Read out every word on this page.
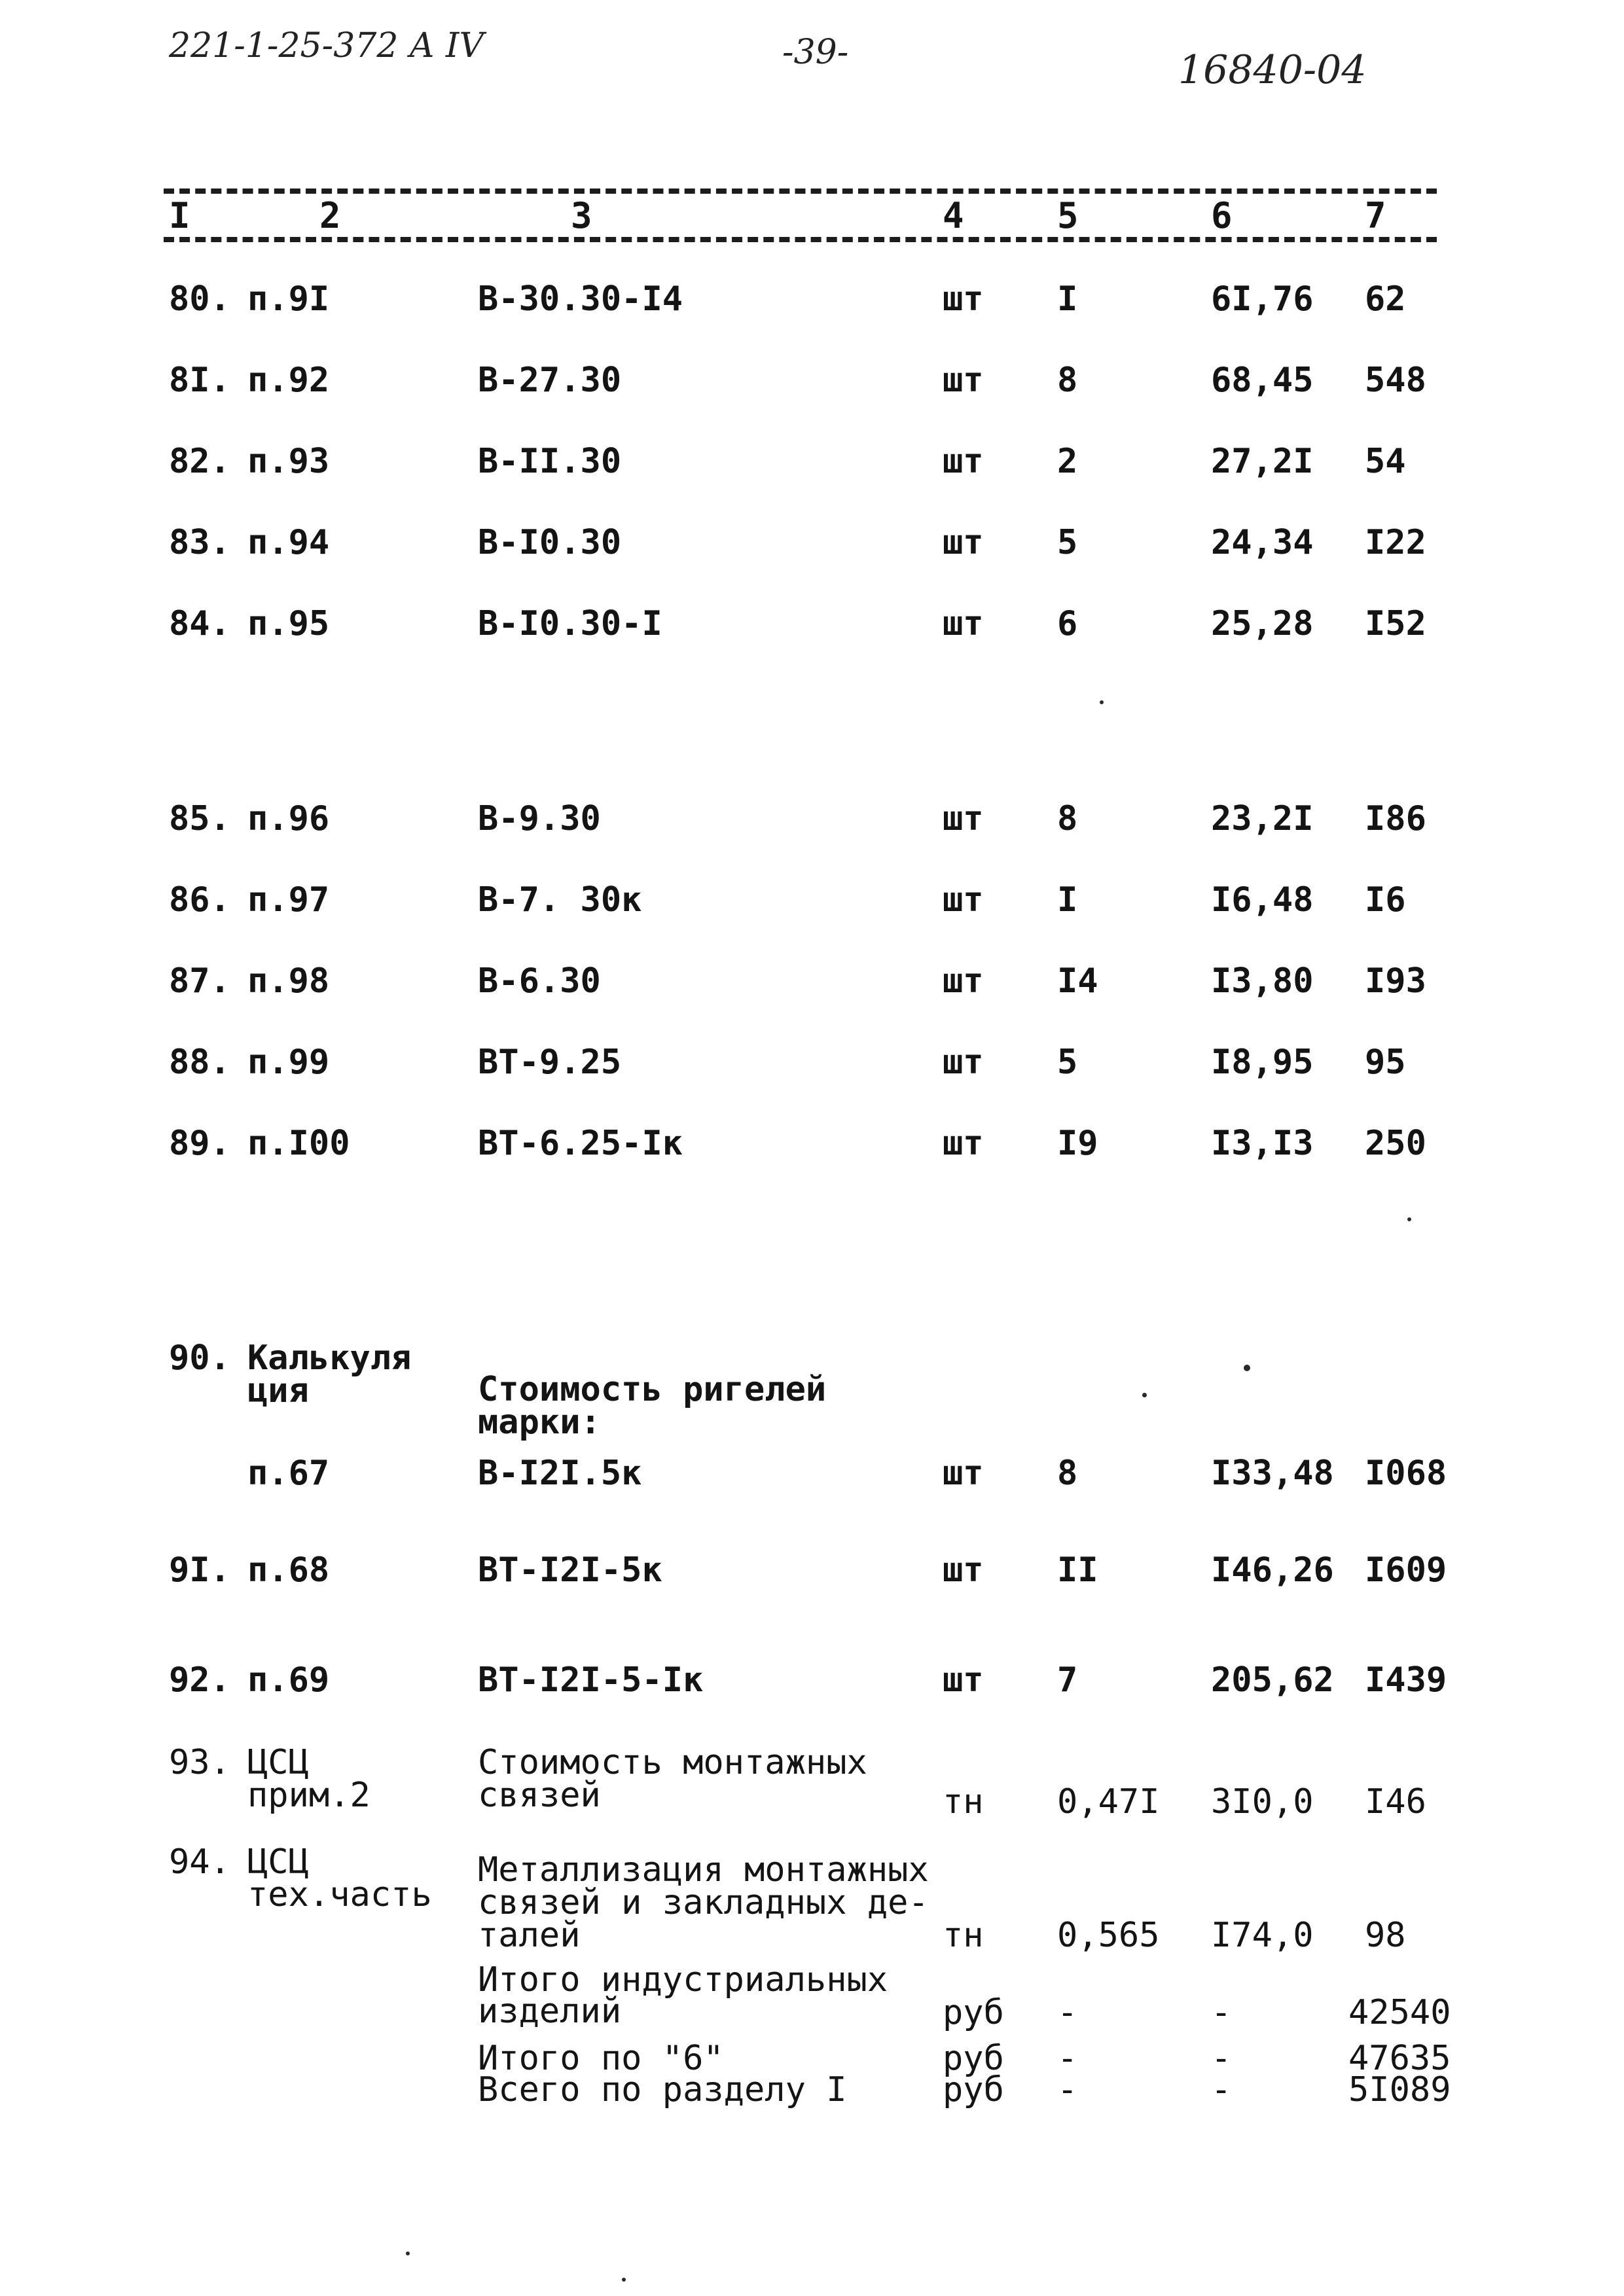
221-1-25-372 А IV	-39-	16840-04
I	2	3	4	5	6	7
80. п.9I	В-30.30-I4	шт I	6I,76 62
8I. п.92	В-27.30	шт 8	68,45 548
82. п.93	В-II.30	шт 2	27,2I 54
83. п.94	В-I0.30	шт 5	24,34 I22
84. п.95	В-I0.30-I	шт 6	25,28 I52
85. п.96	В-9.30	шт 8	23,2I I86
86. п.97	В-7. 30к	шт I	I6,48 I6
87. п.98	В-6.30	шт I4	I3,80 I93
88. п.99	ВТ-9.25	шт 5	I8,95 95
89. п.I00	ВТ-6.25-Iк	шт I9	I3,I3 250
90. Калькуля
ция	Стоимость ригелей
марки:
п.67	В-I2I.5к	шт 8	I33,48 I068
9I. п.68	ВТ-I2I-5к	шт II	I46,26 I609
92. п.69	ВТ-I2I-5-Iк	шт 7	205,62 I439
93. ЦСЦ
прим.2
Стоимость монтажных
связей	тн 0,47I 3I0,0 I46
94. ЦСЦ
тех.часть
Металлизация монтажных
связей и закладных де-
талей	тн 0,565 I74,0 98
Итого индустриальных
изделий	руб -	-	42540
Итого по "6"	руб -	-	47635
Всего по разделу I	руб -	-	5I089
